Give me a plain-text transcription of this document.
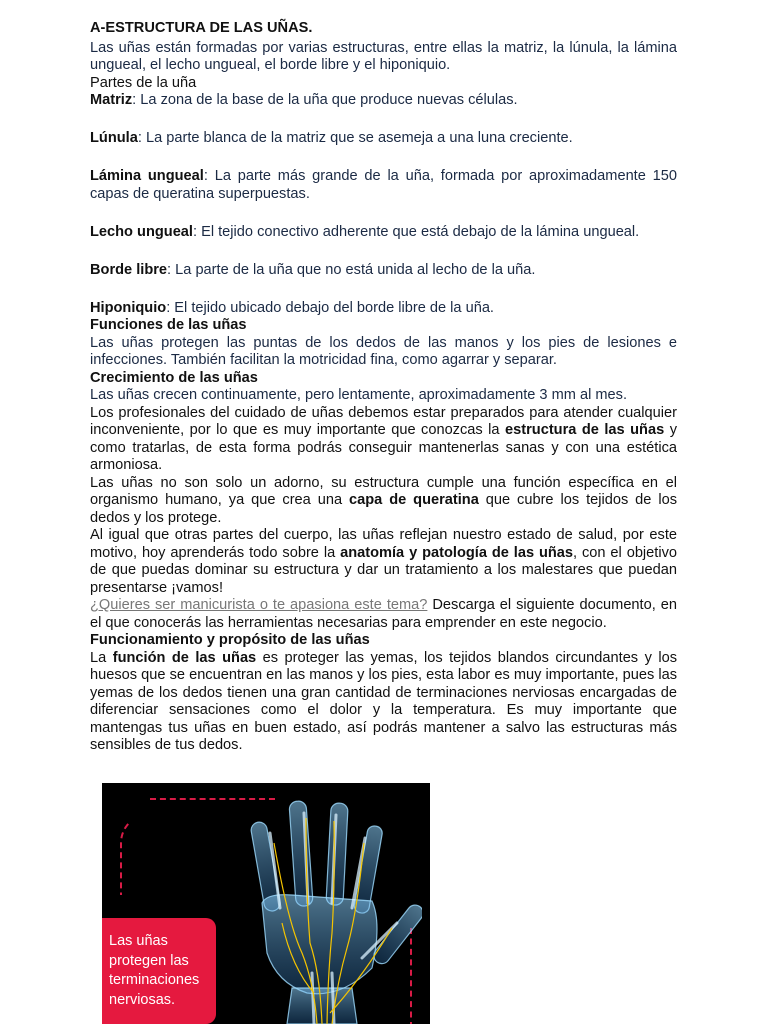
A-ESTRUCTURA DE LAS UÑAS.

Las uñas están formadas por varias estructuras, entre ellas la matriz, la lúnula, la lámina ungueal, el lecho ungueal, el borde libre y el hiponiquio.

Partes de la uña

Matriz: La zona de la base de la uña que produce nuevas células.

Lúnula: La parte blanca de la matriz que se asemeja a una luna creciente.

Lámina ungueal: La parte más grande de la uña, formada por aproximadamente 150 capas de queratina superpuestas.

Lecho ungueal: El tejido conectivo adherente que está debajo de la lámina ungueal.

Borde libre: La parte de la uña que no está unida al lecho de la uña.

Hiponiquio: El tejido ubicado debajo del borde libre de la uña.

Funciones de las uñas

Las uñas protegen las puntas de los dedos de las manos y los pies de lesiones e infecciones. También facilitan la motricidad fina, como agarrar y separar.

Crecimiento de las uñas

Las uñas crecen continuamente, pero lentamente, aproximadamente 3 mm al mes.

Los profesionales del cuidado de uñas debemos estar preparados para atender cualquier inconveniente, por lo que es muy importante que conozcas la estructura de las uñas y como tratarlas, de esta forma podrás conseguir mantenerlas sanas y con una estética armoniosa.

Las uñas no son solo un adorno, su estructura cumple una función específica en el organismo humano, ya que crea una capa de queratina que cubre los tejidos de los dedos y los protege.

Al igual que otras partes del cuerpo, las uñas reflejan nuestro estado de salud, por este motivo, hoy aprenderás todo sobre la anatomía y patología de las uñas, con el objetivo de que puedas dominar su estructura y dar un tratamiento a los malestares que puedan presentarse ¡vamos!

¿Quieres ser manicurista o te apasiona este tema? Descarga el siguiente documento, en el que conocerás las herramientas necesarias para emprender en este negocio.

Funcionamiento y propósito de las uñas

La función de las uñas es proteger las yemas, los tejidos blandos circundantes y los huesos que se encuentran en las manos y los pies, esta labor es muy importante, pues las yemas de los dedos tienen una gran cantidad de terminaciones nerviosas encargadas de diferenciar sensaciones como el dolor y la temperatura. Es muy importante que mantengas tus uñas en buen estado, así podrás mantener a salvo las estructuras más sensibles de tus dedos.

Las uñas
protegen las
terminaciones
nerviosas.
